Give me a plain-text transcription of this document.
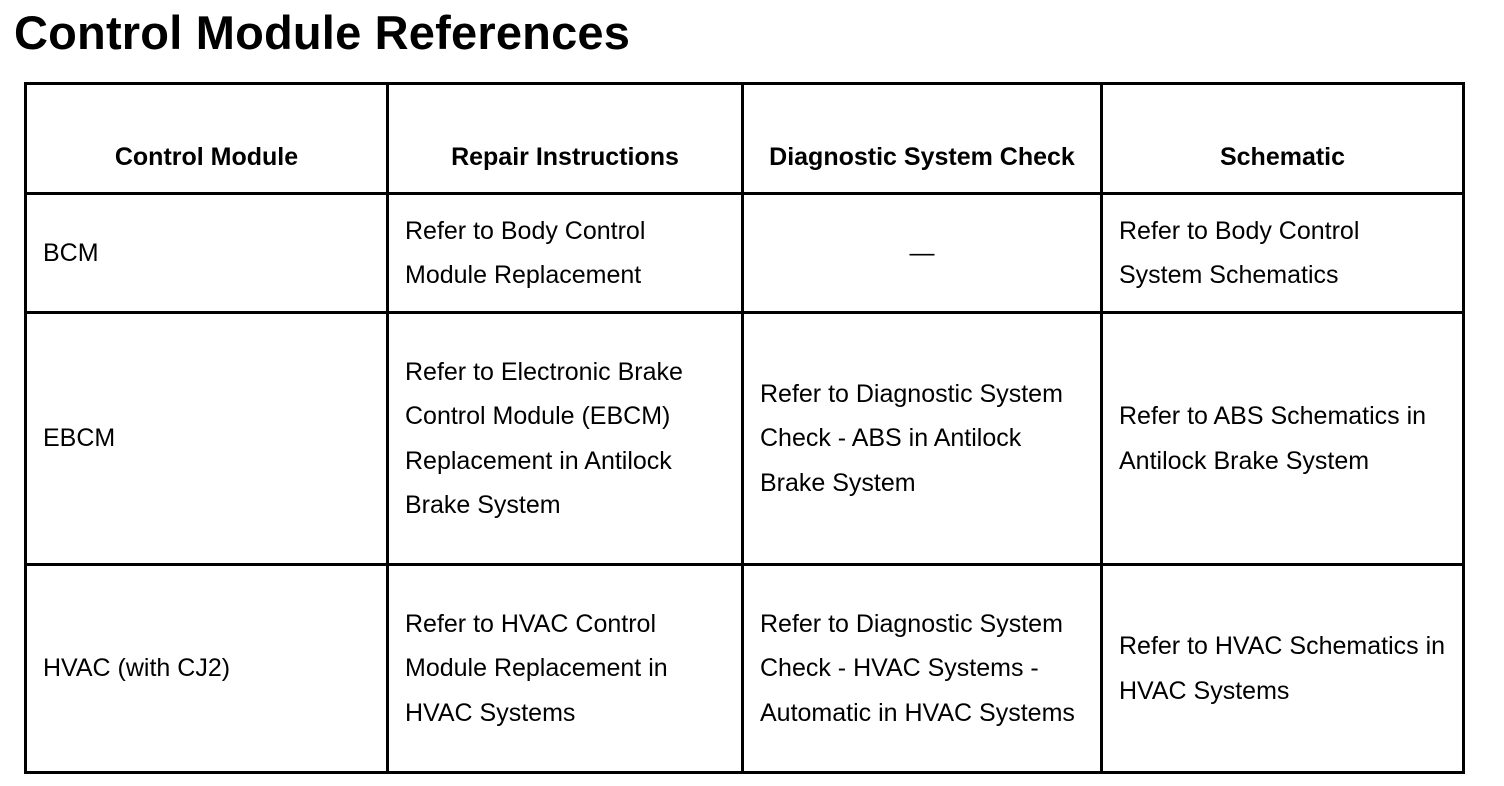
Control Module References
Control Module	Repair Instructions	Diagnostic System Check	Schematic
BCM	Refer to Body Control Module Replacement	—	Refer to Body Control System Schematics
EBCM	Refer to Electronic Brake Control Module (EBCM) Replacement in Antilock Brake System	Refer to Diagnostic System Check - ABS in Antilock Brake System	Refer to ABS Schematics in Antilock Brake System
HVAC (with CJ2)	Refer to HVAC Control Module Replacement in HVAC Systems	Refer to Diagnostic System Check - HVAC Systems - Automatic in HVAC Systems	Refer to HVAC Schematics in HVAC Systems
